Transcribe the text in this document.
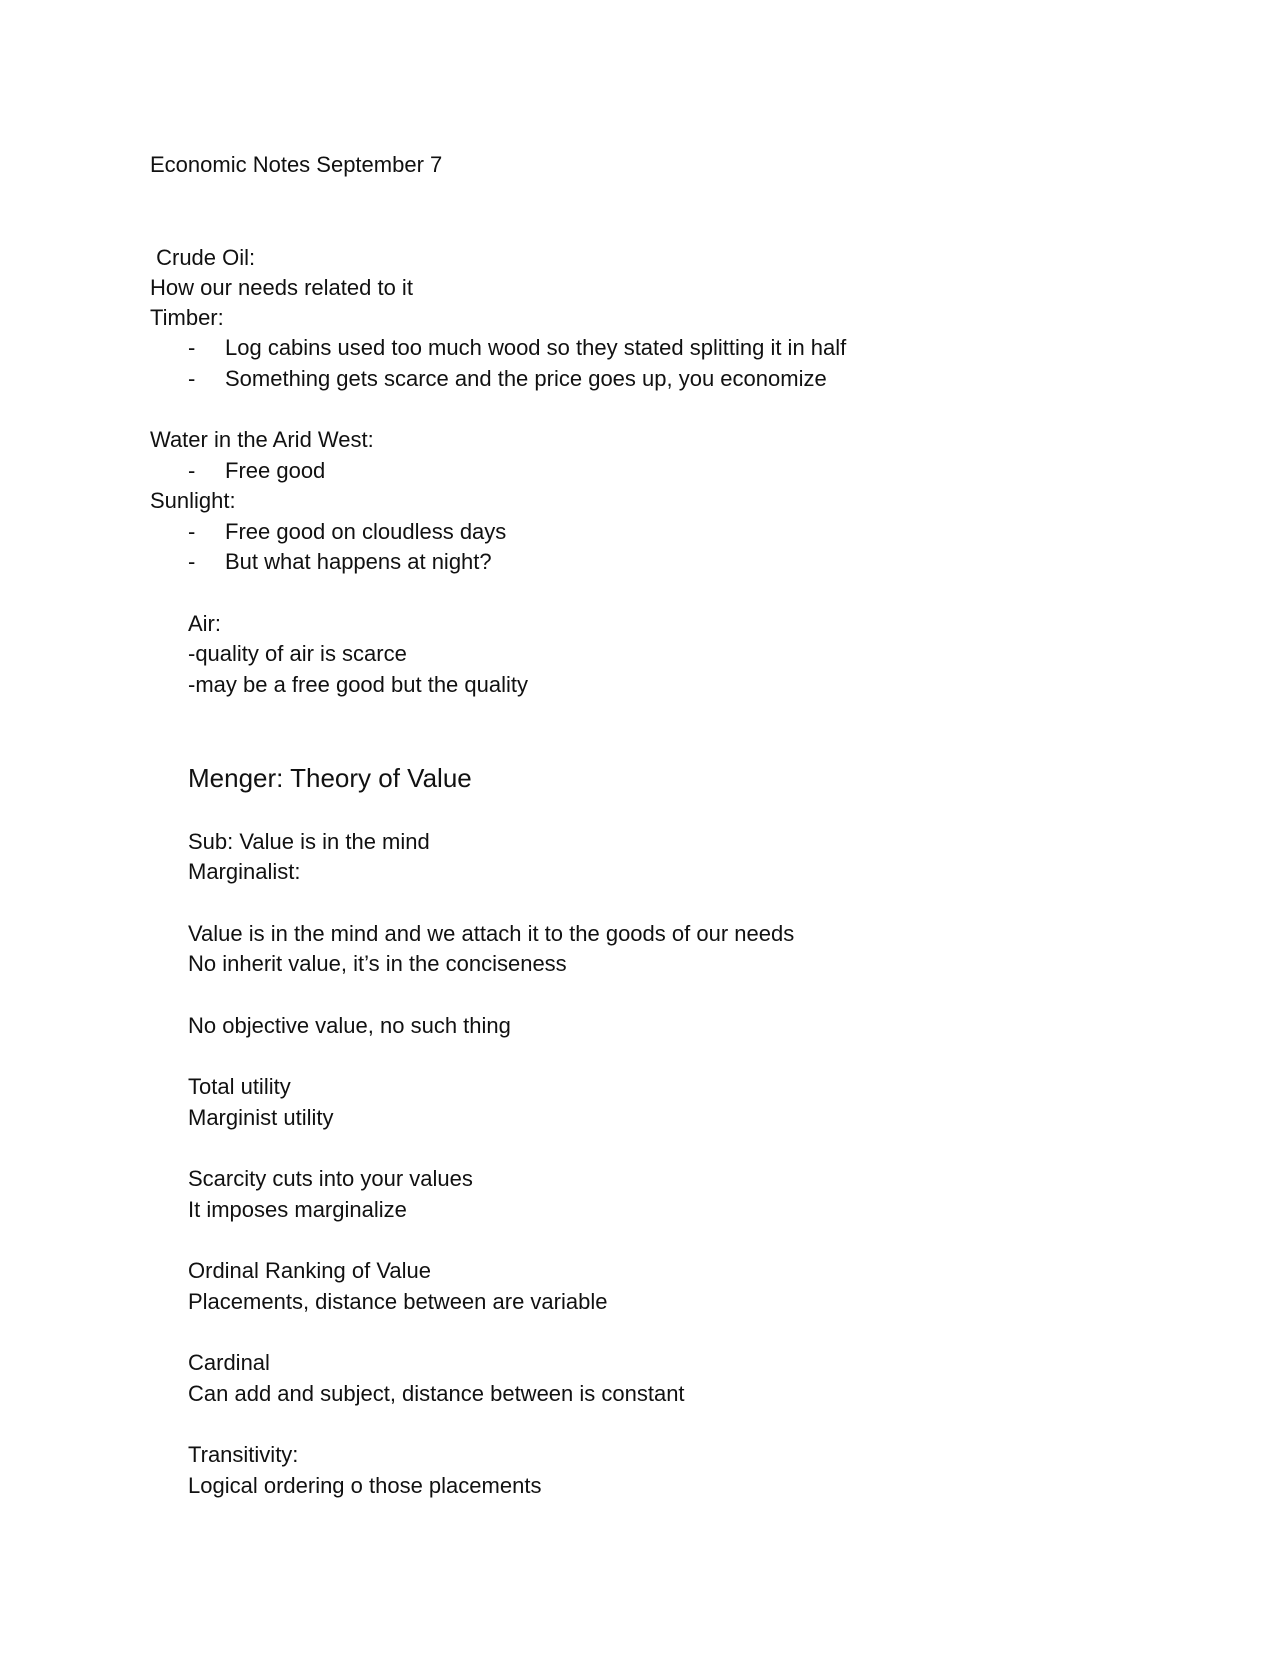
Economic Notes September 7
Crude Oil:
How our needs related to it
Timber:
- Log cabins used too much wood so they stated splitting it in half
- Something gets scarce and the price goes up, you economize
Water in the Arid West:
- Free good
Sunlight:
- Free good on cloudless days
- But what happens at night?
Air:
-quality of air is scarce
-may be a free good but the quality
Menger: Theory of Value
Sub: Value is in the mind
Marginalist:
Value is in the mind and we attach it to the goods of our needs
No inherit value, it’s in the conciseness
No objective value, no such thing
Total utility
Marginist utility
Scarcity cuts into your values
It imposes marginalize
Ordinal Ranking of Value
Placements, distance between are variable
Cardinal
Can add and subject, distance between is constant
Transitivity:
Logical ordering o those placements
